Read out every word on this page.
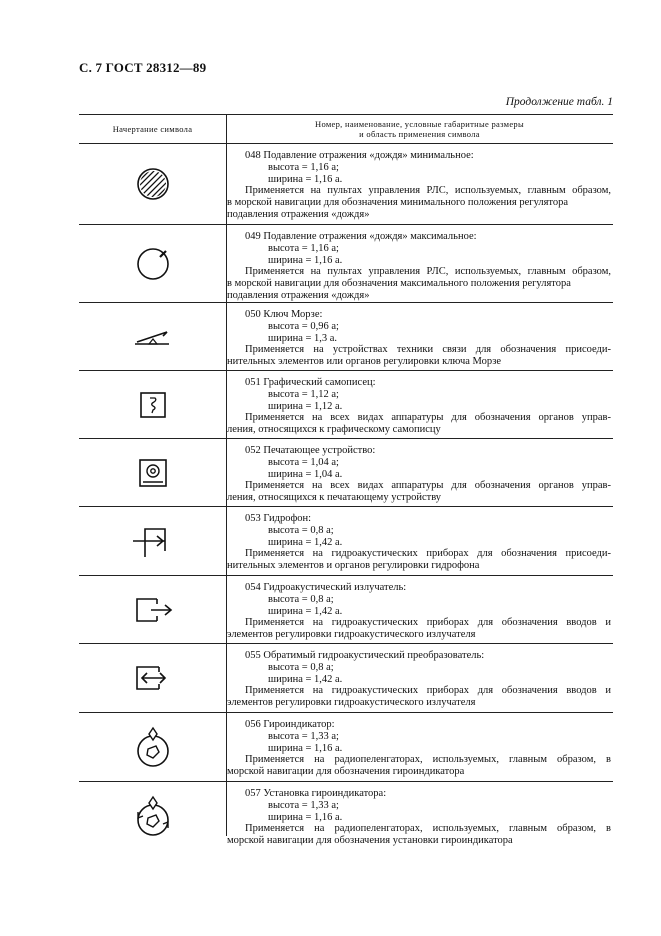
С. 7 ГОСТ 28312—89
Продолжение табл. 1
Начертание символа	Номер, наименование, условные габаритные размеры
и область применения символа
048 Подавление отражения «дождя» минимальное:
высота = 1,16 а;
ширина = 1,16 а.
Применяется на пультах управления РЛС, используемых, главным образом,
в морской навигации для обозначения минимального положения регулятора
подавления отражения «дождя»
049 Подавление отражения «дождя» максимальное:
высота = 1,16 а;
ширина = 1,16 а.
Применяется на пультах управления РЛС, используемых, главным образом,
в морской навигации для обозначения максимального положения регулятора
подавления отражения «дождя»
050 Ключ Морзе:
высота = 0,96 а;
ширина = 1,3 а.
Применяется на устройствах техники связи для обозначения присоеди-
нительных элементов или органов регулировки ключа Морзе
051 Графический самописец:
высота = 1,12 а;
ширина = 1,12 а.
Применяется на всех видах аппаратуры для обозначения органов управ-
ления, относящихся к графическому самописцу
052 Печатающее устройство:
высота = 1,04 а;
ширина = 1,04 а.
Применяется на всех видах аппаратуры для обозначения органов управ-
ления, относящихся к печатающему устройству
053 Гидрофон:
высота = 0,8 а;
ширина = 1,42 а.
Применяется на гидроакустических приборах для обозначения присоеди-
нительных элементов и органов регулировки гидрофона
054 Гидроакустический излучатель:
высота = 0,8 а;
ширина = 1,42 а.
Применяется на гидроакустических приборах для обозначения вводов и
элементов регулировки гидроакустического излучателя
055 Обратимый гидроакустический преобразователь:
высота = 0,8 а;
ширина = 1,42 а.
Применяется на гидроакустических приборах для обозначения вводов и
элементов регулировки гидроакустического излучателя
056 Гироиндикатор:
высота = 1,33 а;
ширина = 1,16 а.
Применяется на радиопеленгаторах, используемых, главным образом, в
морской навигации для обозначения гироиндикатора
057 Установка гироиндикатора:
высота = 1,33 а;
ширина = 1,16 а.
Применяется на радиопеленгаторах, используемых, главным образом, в
морской навигации для обозначения установки гироиндикатора
